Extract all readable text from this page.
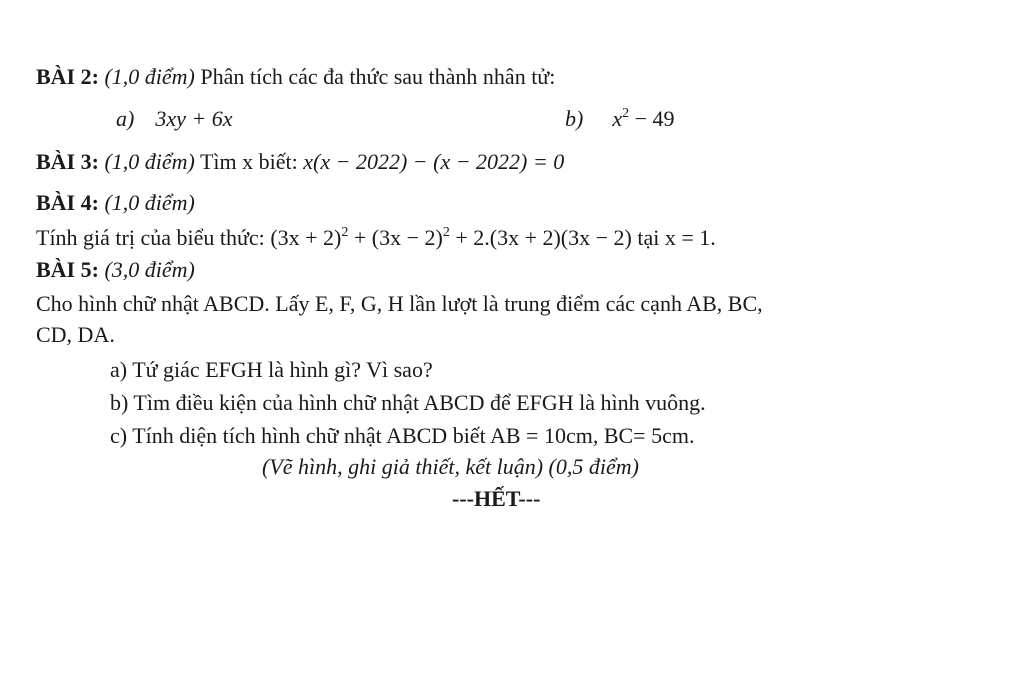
BÀI 2: (1,0 điểm) Phân tích các đa thức sau thành nhân tử:
a) 3xy + 6x	b) $x^2 - 49$
BÀI 3: (1,0 điểm) Tìm x biết: x(x − 2022) − (x − 2022) = 0
BÀI 4: (1,0 điểm)
Tính giá trị của biểu thức: $(3x + 2)^2 + (3x - 2)^2 + 2.(3x + 2)(3x - 2)$ tại x = 1.
BÀI 5: (3,0 điểm)
Cho hình chữ nhật ABCD. Lấy E, F, G, H lần lượt là trung điểm các cạnh AB, BC,
CD, DA.
a) Tứ giác EFGH là hình gì? Vì sao?
b) Tìm điều kiện của hình chữ nhật ABCD để EFGH là hình vuông.
c) Tính diện tích hình chữ nhật ABCD biết AB = 10cm, BC= 5cm.
(Vẽ hình, ghi giả thiết, kết luận) (0,5 điểm)
---HẾT---
